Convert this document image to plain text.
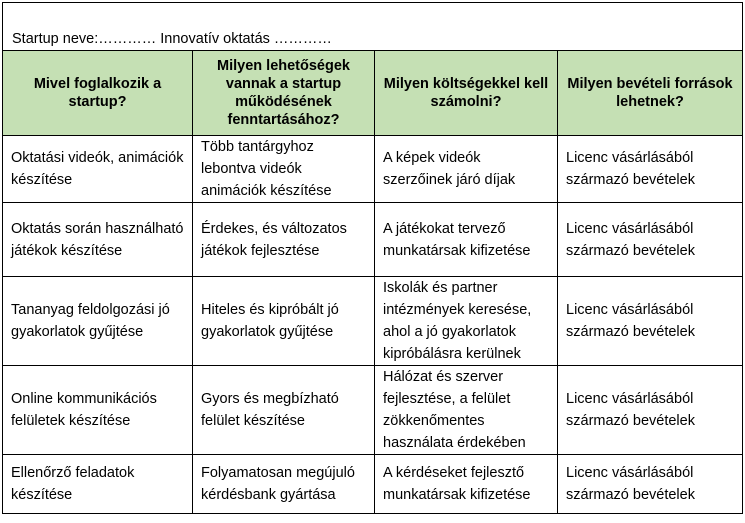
Startup neve:………… Innovatív oktatás …………			
Mivel foglalkozik a startup?	Milyen lehetőségek vannak a startup működésének fenntartásához?	Milyen költségekkel kell számolni?	Milyen bevételi források lehetnek?
Oktatási videók, animációk készítése	Több tantárgyhoz lebontva videók animációk készítése	A képek videók szerzőinek járó díjak	Licenc vásárlásából származó bevételek
Oktatás során használható játékok készítése	Érdekes, és változatos játékok fejlesztése	A játékokat tervező munkatársak kifizetése	Licenc vásárlásából származó bevételek
Tananyag feldolgozási jó gyakorlatok gyűjtése	Hiteles és kipróbált jó gyakorlatok gyűjtése	Iskolák és partner intézmények keresése, ahol a jó gyakorlatok kipróbálásra kerülnek	Licenc vásárlásából származó bevételek
Online kommunikációs felületek készítése	Gyors és megbízható felület készítése	Hálózat és szerver fejlesztése, a felület zökkenőmentes használata érdekében	Licenc vásárlásából származó bevételek
Ellenőrző feladatok készítése	Folyamatosan megújuló kérdésbank gyártása	A kérdéseket fejlesztő munkatársak kifizetése	Licenc vásárlásából származó bevételek
